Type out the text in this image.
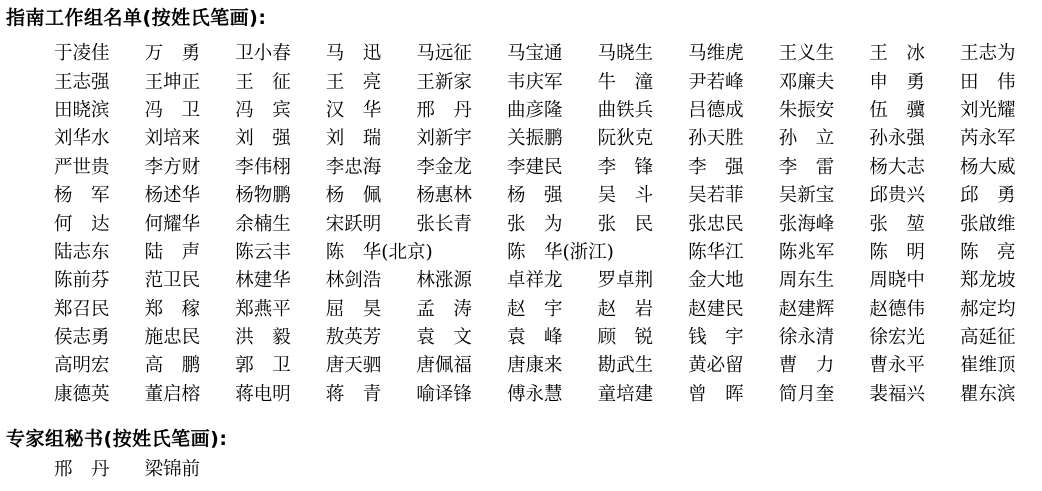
指南工作组名单(按姓氏笔画):
于凌佳	万　勇	卫小春	马　迅	马远征	马宝通	马晓生	马维虎	王义生	王　冰	王志为
王志强	王坤正	王　征	王　亮	王新家	韦庆军	牛　潼	尹若峰	邓廉夫	申　勇	田　伟
田晓滨	冯　卫	冯　宾	汉　华	邢　丹	曲彦隆	曲铁兵	吕德成	朱振安	伍　骥	刘光耀
刘华水	刘培来	刘　强	刘　瑞	刘新宇	关振鹏	阮狄克	孙天胜	孙　立	孙永强	芮永军
严世贵	李方财	李伟栩	李忠海	李金龙	李建民	李　锋	李　强	李　雷	杨大志	杨大威
杨　军	杨述华	杨物鹏	杨　佩	杨惠林	杨　强	吴　斗	吴若菲	吴新宝	邱贵兴	邱　勇
何　达	何耀华	余楠生	宋跃明	张长青	张　为	张　民	张忠民	张海峰	张　堃	张啟维
陆志东	陆　声	陈云丰	陈　华(北京)	陈　华(浙江)	陈华江	陈兆军	陈　明	陈　亮
陈前芬	范卫民	林建华	林剑浩	林涨源	卓祥龙	罗卓荆	金大地	周东生	周晓中	郑龙坡
郑召民	郑　稼	郑燕平	屈　昊	孟　涛	赵　宇	赵　岩	赵建民	赵建辉	赵德伟	郝定均
侯志勇	施忠民	洪　毅	敖英芳	袁　文	袁　峰	顾　锐	钱　宇	徐永清	徐宏光	高延征
高明宏	高　鹏	郭　卫	唐天驷	唐佩福	唐康来	勘武生	黄必留	曹　力	曹永平	崔维顶
康德英	董启榕	蒋电明	蒋　青	喻译锋	傅永慧	童培建	曾　晖	简月奎	裴福兴	瞿东滨
专家组秘书(按姓氏笔画):
邢　丹	梁锦前
